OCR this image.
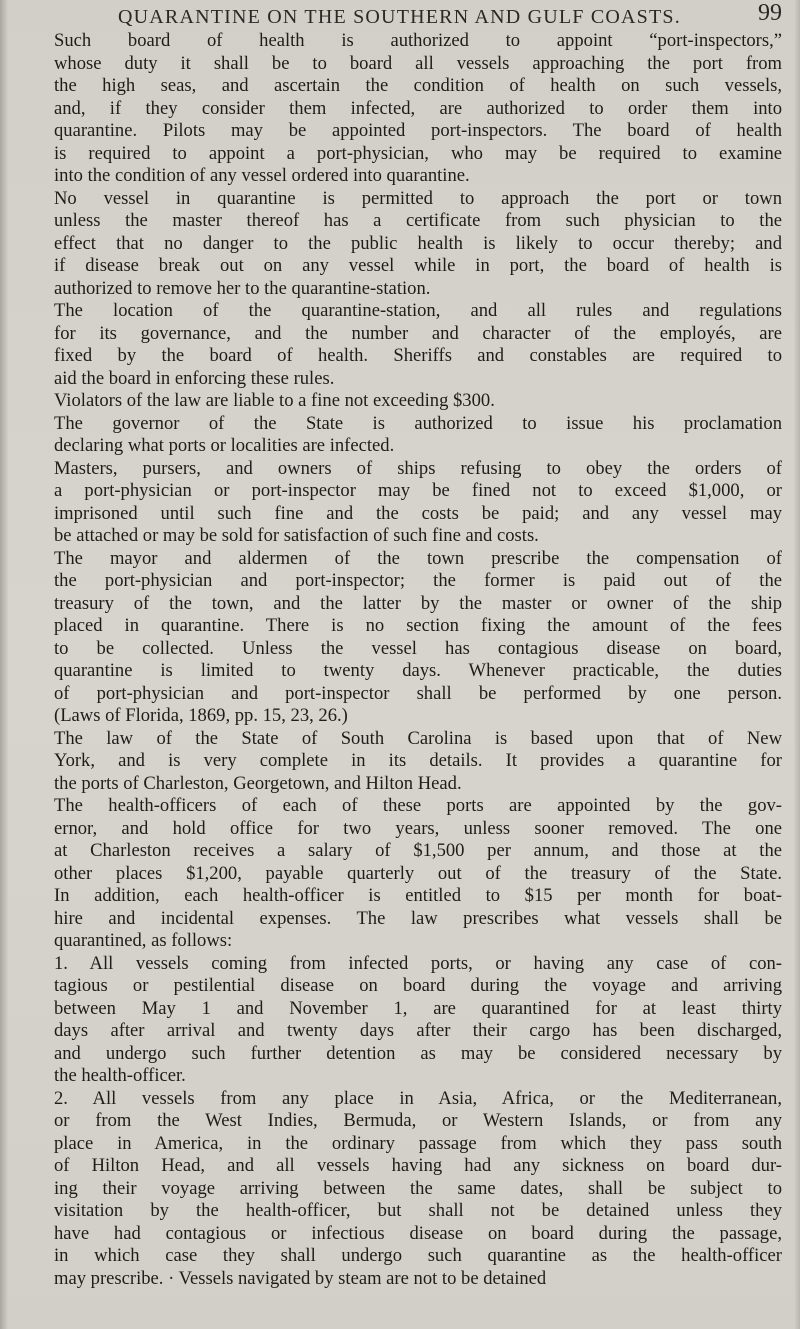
QUARANTINE ON THE SOUTHERN AND GULF COASTS.	99
Such board of health is authorized to appoint “port-inspectors,”
whose duty it shall be to board all vessels approaching the port from
the high seas, and ascertain the condition of health on such vessels,
and, if they consider them infected, are authorized to order them into
quarantine. Pilots may be appointed port-inspectors. The board of health
is required to appoint a port-physician, who may be required to examine
into the condition of any vessel ordered into quarantine.
No vessel in quarantine is permitted to approach the port or town
unless the master thereof has a certificate from such physician to the
effect that no danger to the public health is likely to occur thereby; and
if disease break out on any vessel while in port, the board of health is
authorized to remove her to the quarantine-station.
The location of the quarantine-station, and all rules and regulations
for its governance, and the number and character of the employés, are
fixed by the board of health. Sheriffs and constables are required to
aid the board in enforcing these rules.
Violators of the law are liable to a fine not exceeding $300.
The governor of the State is authorized to issue his proclamation
declaring what ports or localities are infected.
Masters, pursers, and owners of ships refusing to obey the orders of
a port-physician or port-inspector may be fined not to exceed $1,000, or
imprisoned until such fine and the costs be paid; and any vessel may
be attached or may be sold for satisfaction of such fine and costs.
The mayor and aldermen of the town prescribe the compensation of
the port-physician and port-inspector; the former is paid out of the
treasury of the town, and the latter by the master or owner of the ship
placed in quarantine. There is no section fixing the amount of the fees
to be collected. Unless the vessel has contagious disease on board,
quarantine is limited to twenty days. Whenever practicable, the duties
of port-physician and port-inspector shall be performed by one person.
(Laws of Florida, 1869, pp. 15, 23, 26.)
The law of the State of South Carolina is based upon that of New
York, and is very complete in its details. It provides a quarantine for
the ports of Charleston, Georgetown, and Hilton Head.
The health-officers of each of these ports are appointed by the gov-
ernor, and hold office for two years, unless sooner removed. The one
at Charleston receives a salary of $1,500 per annum, and those at the
other places $1,200, payable quarterly out of the treasury of the State.
In addition, each health-officer is entitled to $15 per month for boat-
hire and incidental expenses. The law prescribes what vessels shall be
quarantined, as follows:
1. All vessels coming from infected ports, or having any case of con-
tagious or pestilential disease on board during the voyage and arriving
between May 1 and November 1, are quarantined for at least thirty
days after arrival and twenty days after their cargo has been discharged,
and undergo such further detention as may be considered necessary by
the health-officer.
2. All vessels from any place in Asia, Africa, or the Mediterranean,
or from the West Indies, Bermuda, or Western Islands, or from any
place in America, in the ordinary passage from which they pass south
of Hilton Head, and all vessels having had any sickness on board dur-
ing their voyage arriving between the same dates, shall be subject to
visitation by the health-officer, but shall not be detained unless they
have had contagious or infectious disease on board during the passage,
in which case they shall undergo such quarantine as the health-officer
may prescribe. · Vessels navigated by steam are not to be detained
